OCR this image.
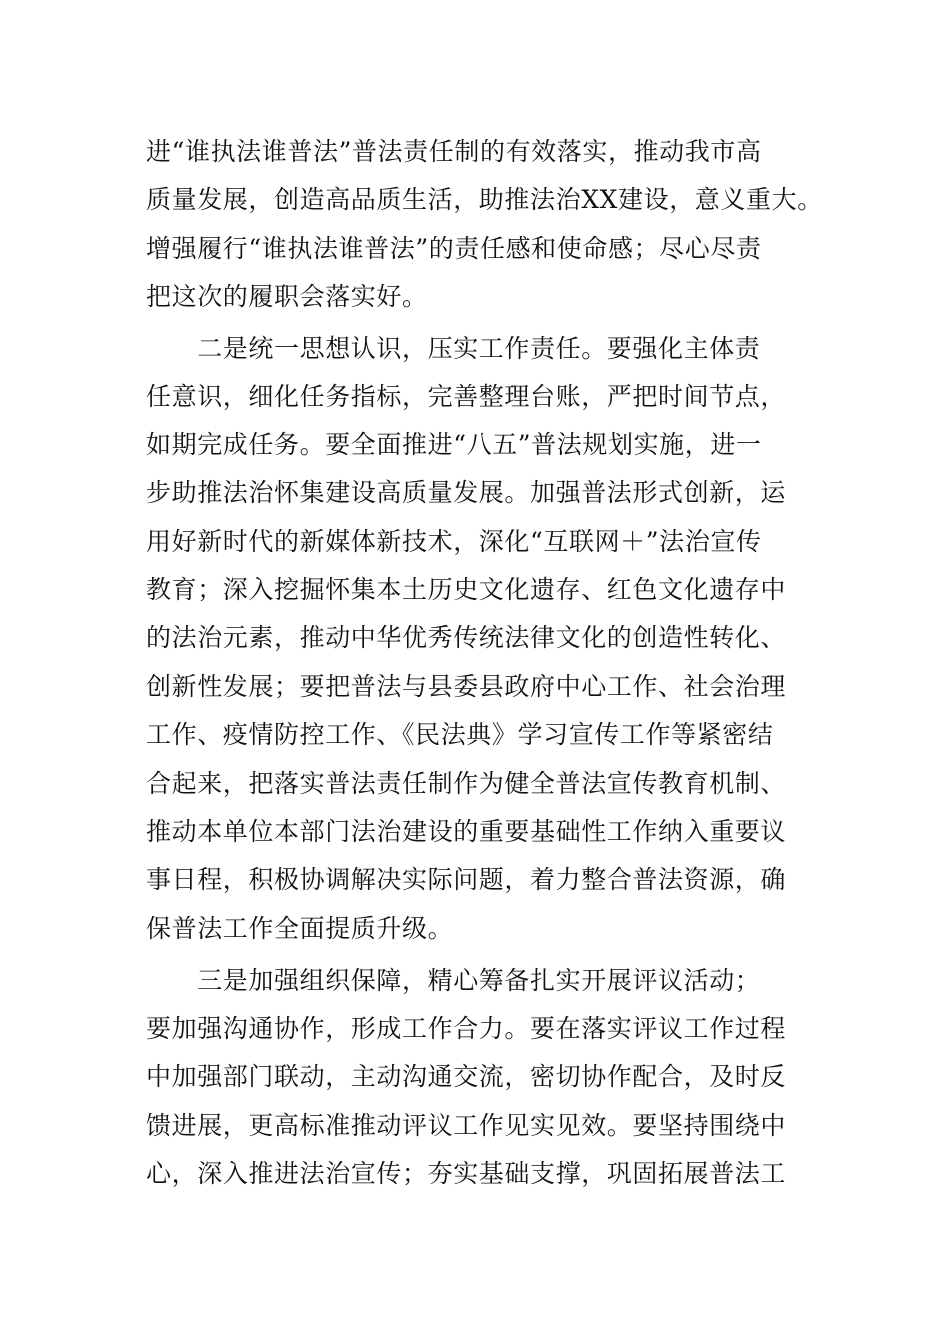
进“谁执法谁普法”普法责任制的有效落实，推动我市高
质量发展，创造高品质生活，助推法治XX建设，意义重大。
增强履行“谁执法谁普法”的责任感和使命感；尽心尽责
把这次的履职会落实好。
　　二是统一思想认识，压实工作责任。要强化主体责
任意识，细化任务指标，完善整理台账，严把时间节点，
如期完成任务。要全面推进“八五”普法规划实施，进一
步助推法治怀集建设高质量发展。加强普法形式创新，运
用好新时代的新媒体新技术，深化“互联网＋”法治宣传
教育；深入挖掘怀集本土历史文化遗存、红色文化遗存中
的法治元素，推动中华优秀传统法律文化的创造性转化、
创新性发展；要把普法与县委县政府中心工作、社会治理
工作、疫情防控工作、《民法典》学习宣传工作等紧密结
合起来，把落实普法责任制作为健全普法宣传教育机制、
推动本单位本部门法治建设的重要基础性工作纳入重要议
事日程，积极协调解决实际问题，着力整合普法资源，确
保普法工作全面提质升级。
　　三是加强组织保障，精心筹备扎实开展评议活动；
要加强沟通协作，形成工作合力。要在落实评议工作过程
中加强部门联动，主动沟通交流，密切协作配合，及时反
馈进展，更高标准推动评议工作见实见效。要坚持围绕中
心，深入推进法治宣传；夯实基础支撑，巩固拓展普法工
